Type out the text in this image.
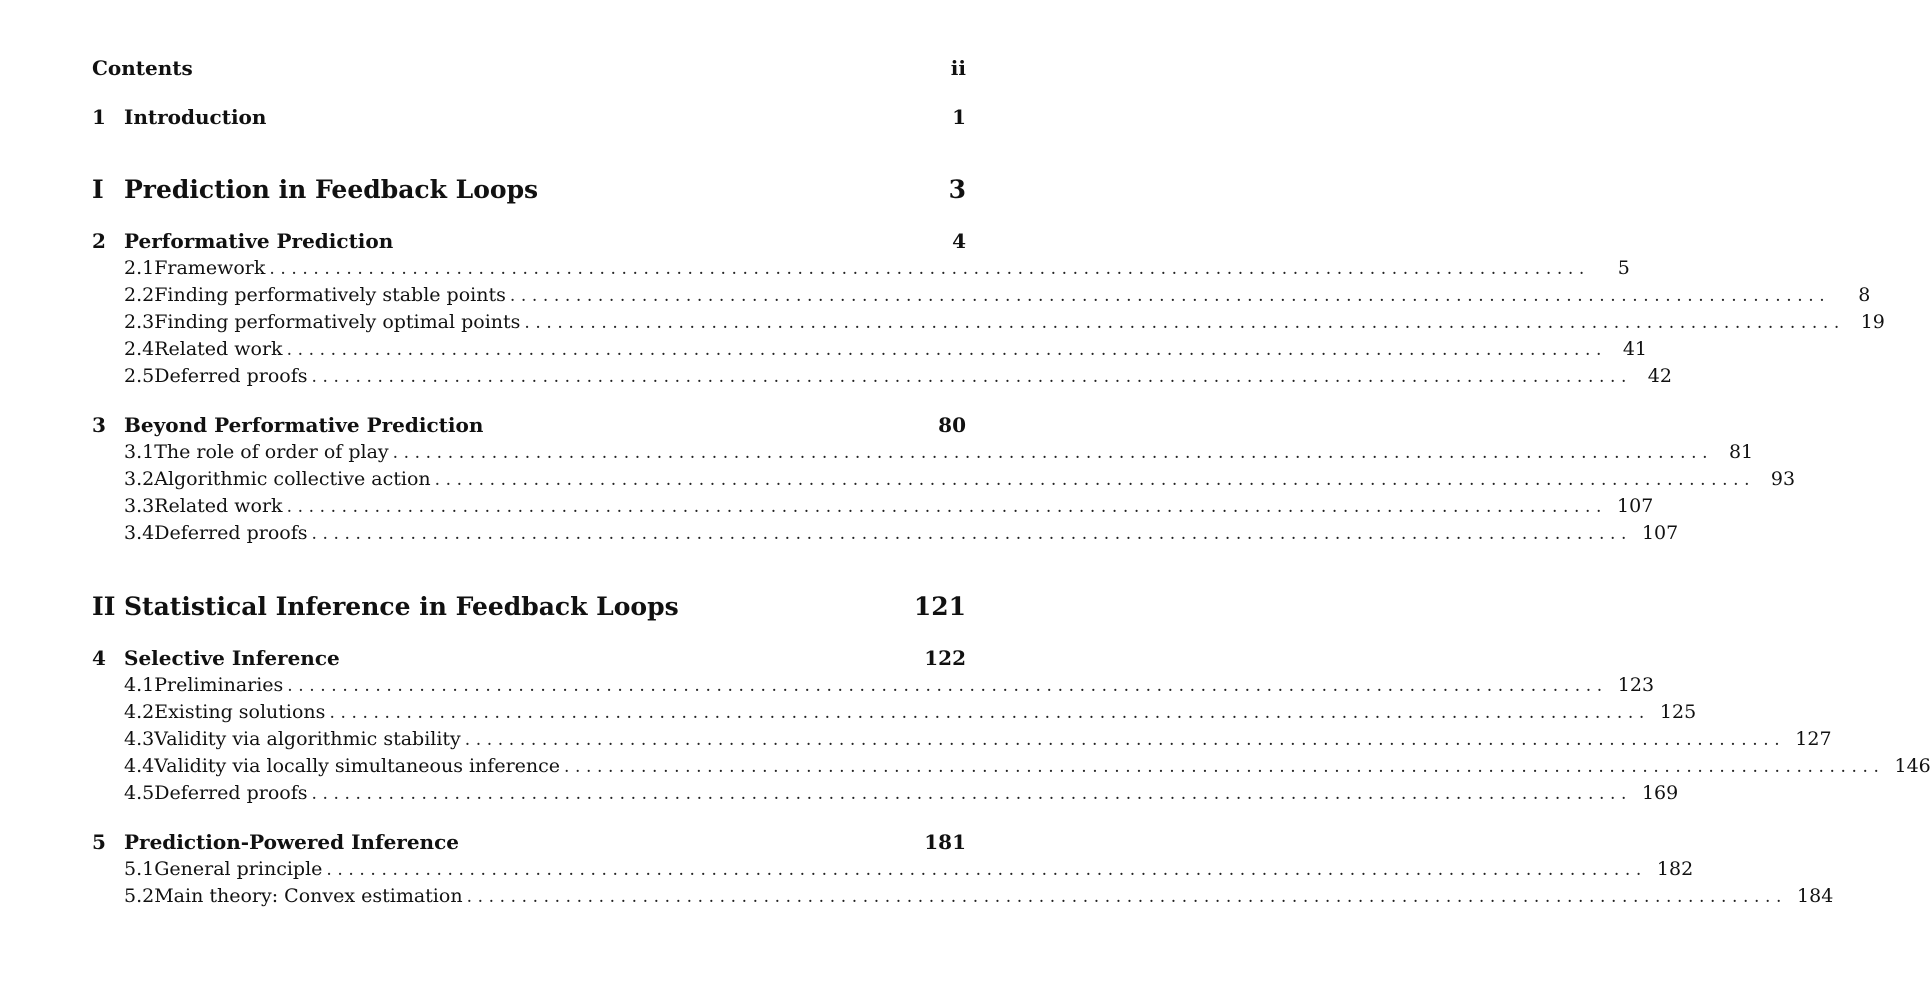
Contents	ii
1 Introduction	1
I Prediction in Feedback Loops	3
2 Performative Prediction	4
2.1 Framework ........................................................................................................................	5
2.2 Finding performatively stable points ........................................................................................................................	8
2.3 Finding performatively optimal points ........................................................................................................................ 19
2.4 Related work ........................................................................................................................ 41
2.5 Deferred proofs ........................................................................................................................ 42
3 Beyond Performative Prediction	80
3.1 The role of order of play ........................................................................................................................ 81
3.2 Algorithmic collective action ........................................................................................................................ 93
3.3 Related work ........................................................................................................................ 107
3.4 Deferred proofs ........................................................................................................................ 107
II Statistical Inference in Feedback Loops	121
4 Selective Inference	122
4.1 Preliminaries ........................................................................................................................ 123
4.2 Existing solutions ........................................................................................................................ 125
4.3 Validity via algorithmic stability ........................................................................................................................ 127
4.4 Validity via locally simultaneous inference ........................................................................................................................ 146
4.5 Deferred proofs ........................................................................................................................ 169
5 Prediction-Powered Inference	181
5.1 General principle ........................................................................................................................ 182
5.2 Main theory: Convex estimation ........................................................................................................................ 184
